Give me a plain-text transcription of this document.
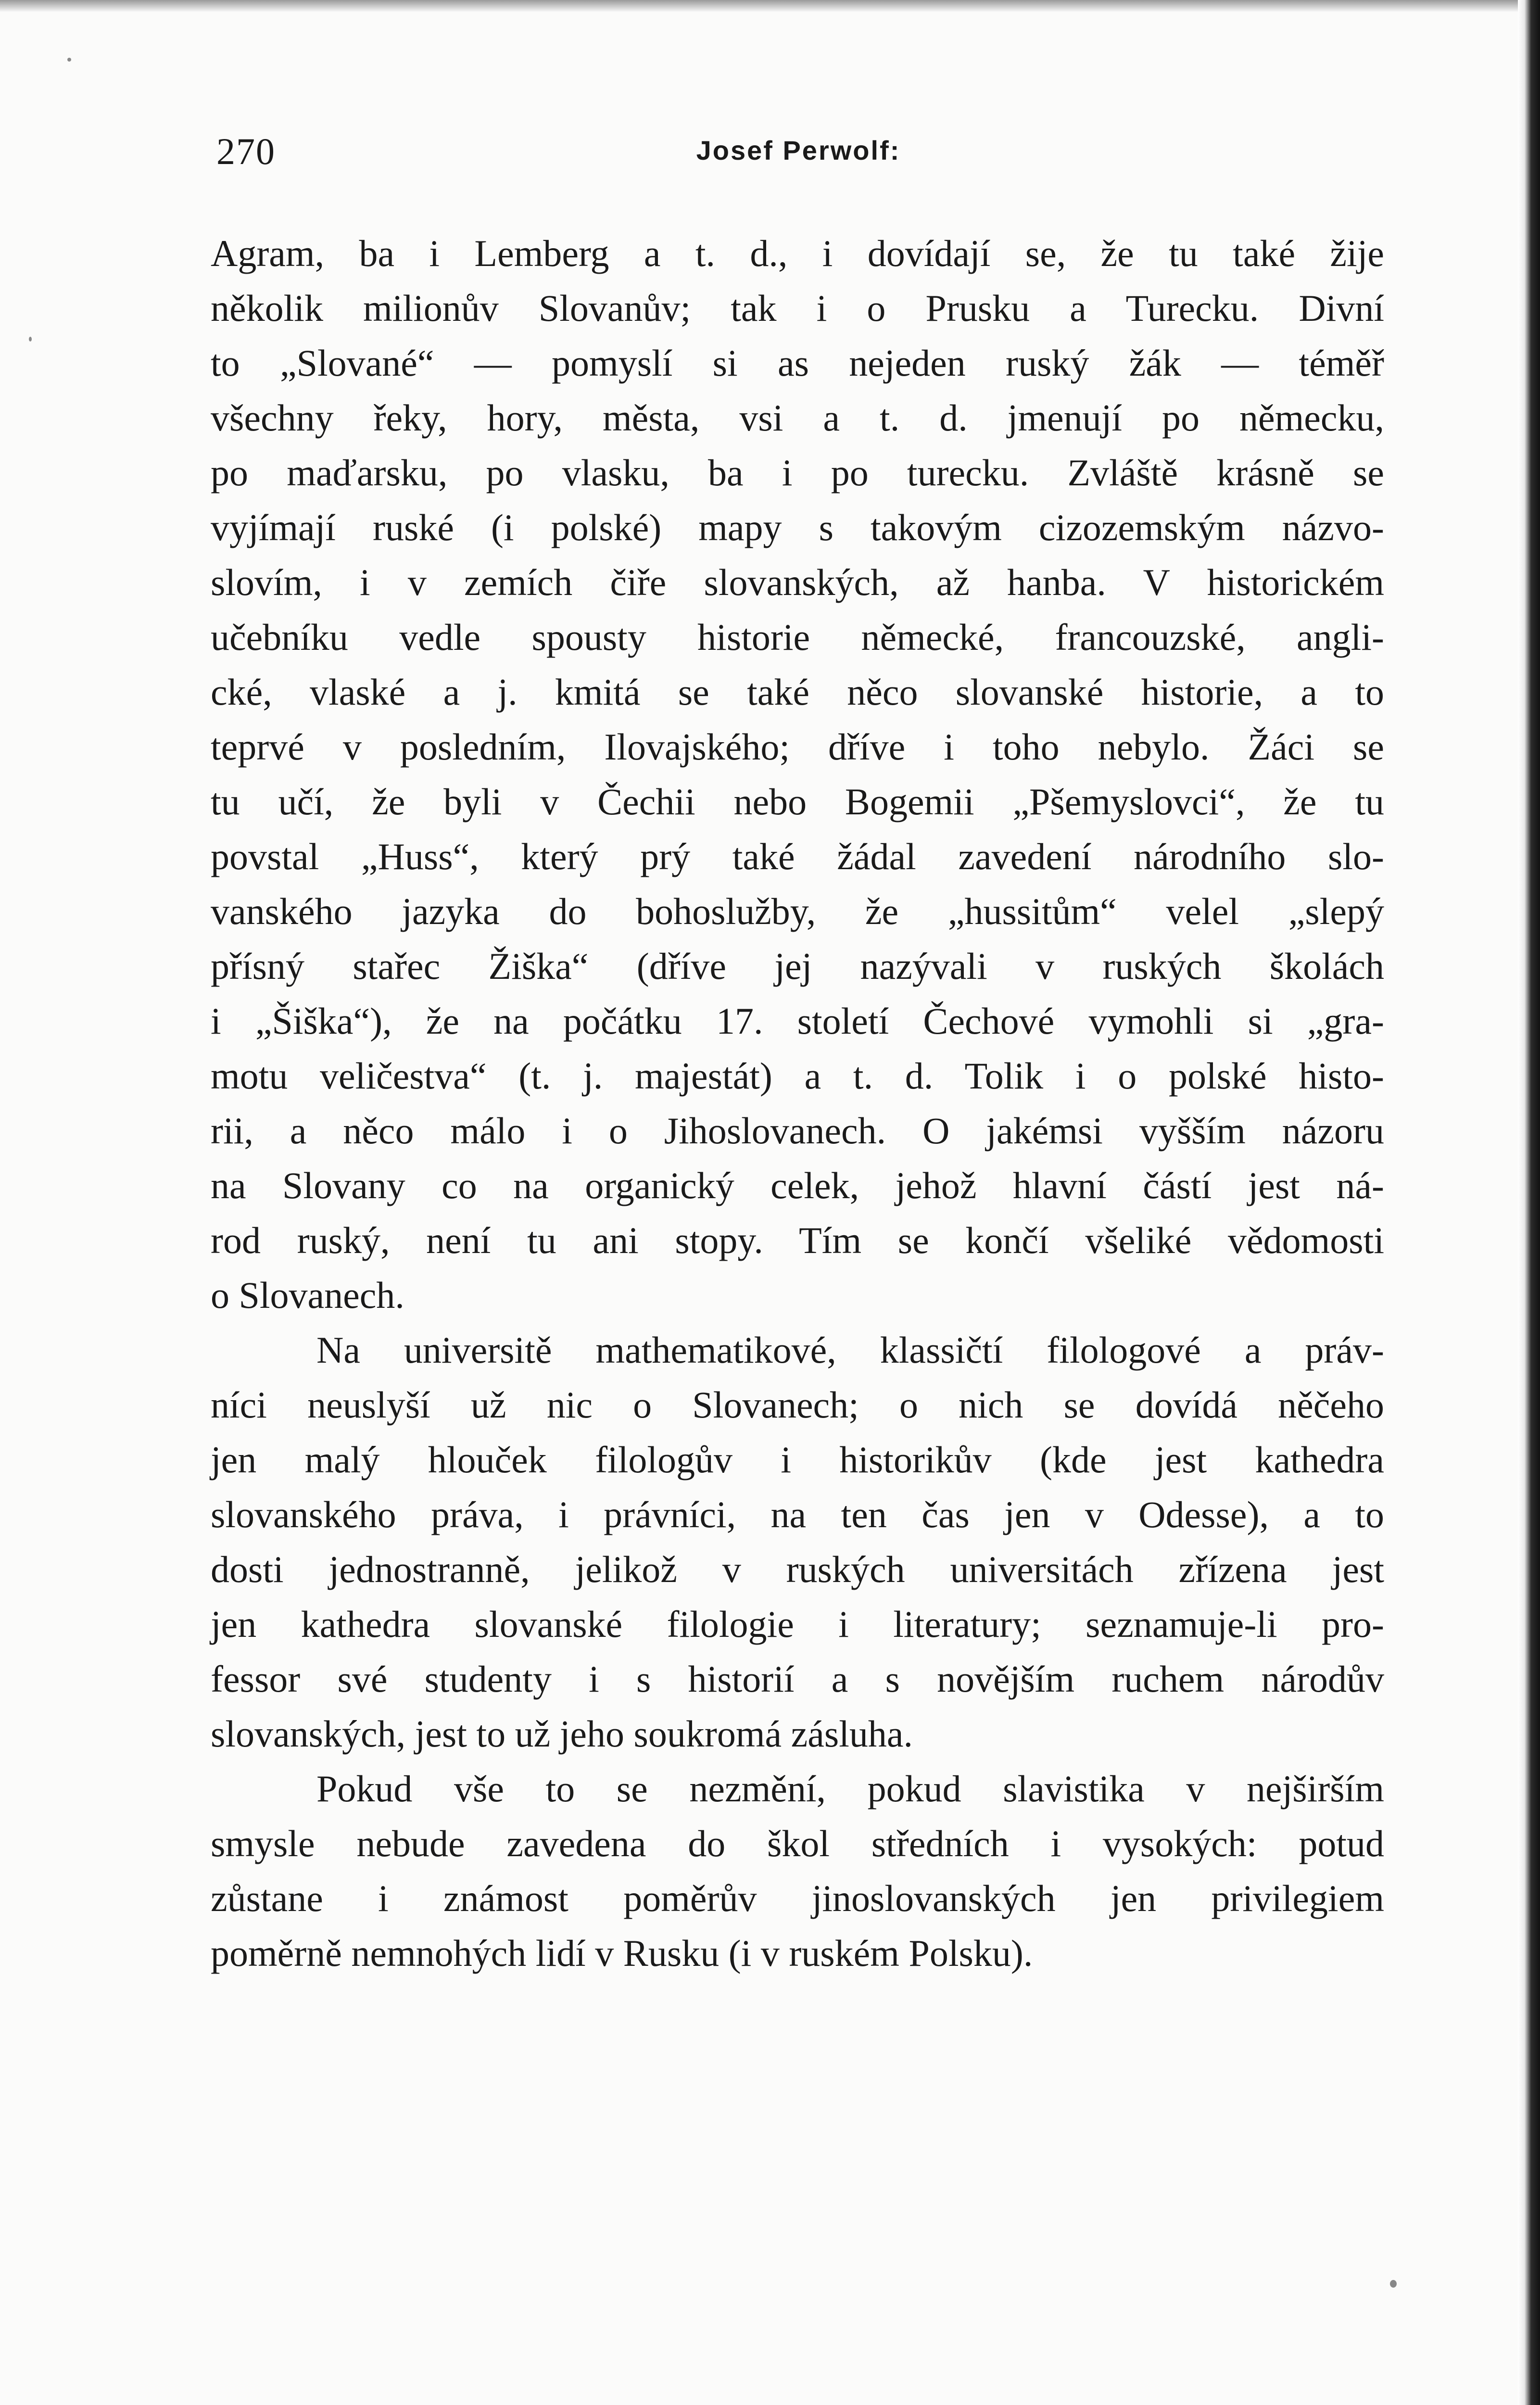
270	Josef Perwolf:

Agram, ba i Lemberg a t. d., i dovídají se, že tu také žije
několik milionův Slovanův; tak i o Prusku a Turecku. Divní
to „Slované“ — pomyslí si as nejeden ruský žák — téměř
všechny řeky, hory, města, vsi a t. d. jmenují po německu,
po maďarsku, po vlasku, ba i po turecku. Zvláště krásně se
vyjímají ruské (i polské) mapy s takovým cizozemským názvo-
slovím, i v zemích čiře slovanských, až hanba. V historickém
učebníku vedle spousty historie německé, francouzské, angli-
cké, vlaské a j. kmitá se také něco slovanské historie, a to
teprvé v posledním, Ilovajského; dříve i toho nebylo. Žáci se
tu učí, že byli v Čechii nebo Bogemii „Pšemyslovci“, že tu
povstal „Huss“, který prý také žádal zavedení národního slo-
vanského jazyka do bohoslužby, že „hussitům“ velel „slepý
přísný stařec Žiška“ (dříve jej nazývali v ruských školách
i „Šiška“), že na počátku 17. století Čechové vymohli si „gra-
motu veličestva“ (t. j. majestát) a t. d. Tolik i o polské histo-
rii, a něco málo i o Jihoslovanech. O jakémsi vyšším názoru
na Slovany co na organický celek, jehož hlavní částí jest ná-
rod ruský, není tu ani stopy. Tím se končí všeliké vědomosti
o Slovanech.

Na universitě mathematikové, klassičtí filologové a práv-
níci neuslyší už nic o Slovanech; o nich se dovídá něčeho
jen malý hlouček filologův i historikův (kde jest kathedra
slovanského práva, i právníci, na ten čas jen v Odesse), a to
dosti jednostranně, jelikož v ruských universitách zřízena jest
jen kathedra slovanské filologie i literatury; seznamuje-li pro-
fessor své studenty i s historií a s novějším ruchem národův
slovanských, jest to už jeho soukromá zásluha.

Pokud vše to se nezmění, pokud slavistika v nejširším
smysle nebude zavedena do škol středních i vysokých: potud
zůstane i známost poměrův jinoslovanských jen privilegiem
poměrně nemnohých lidí v Rusku (i v ruském Polsku).
